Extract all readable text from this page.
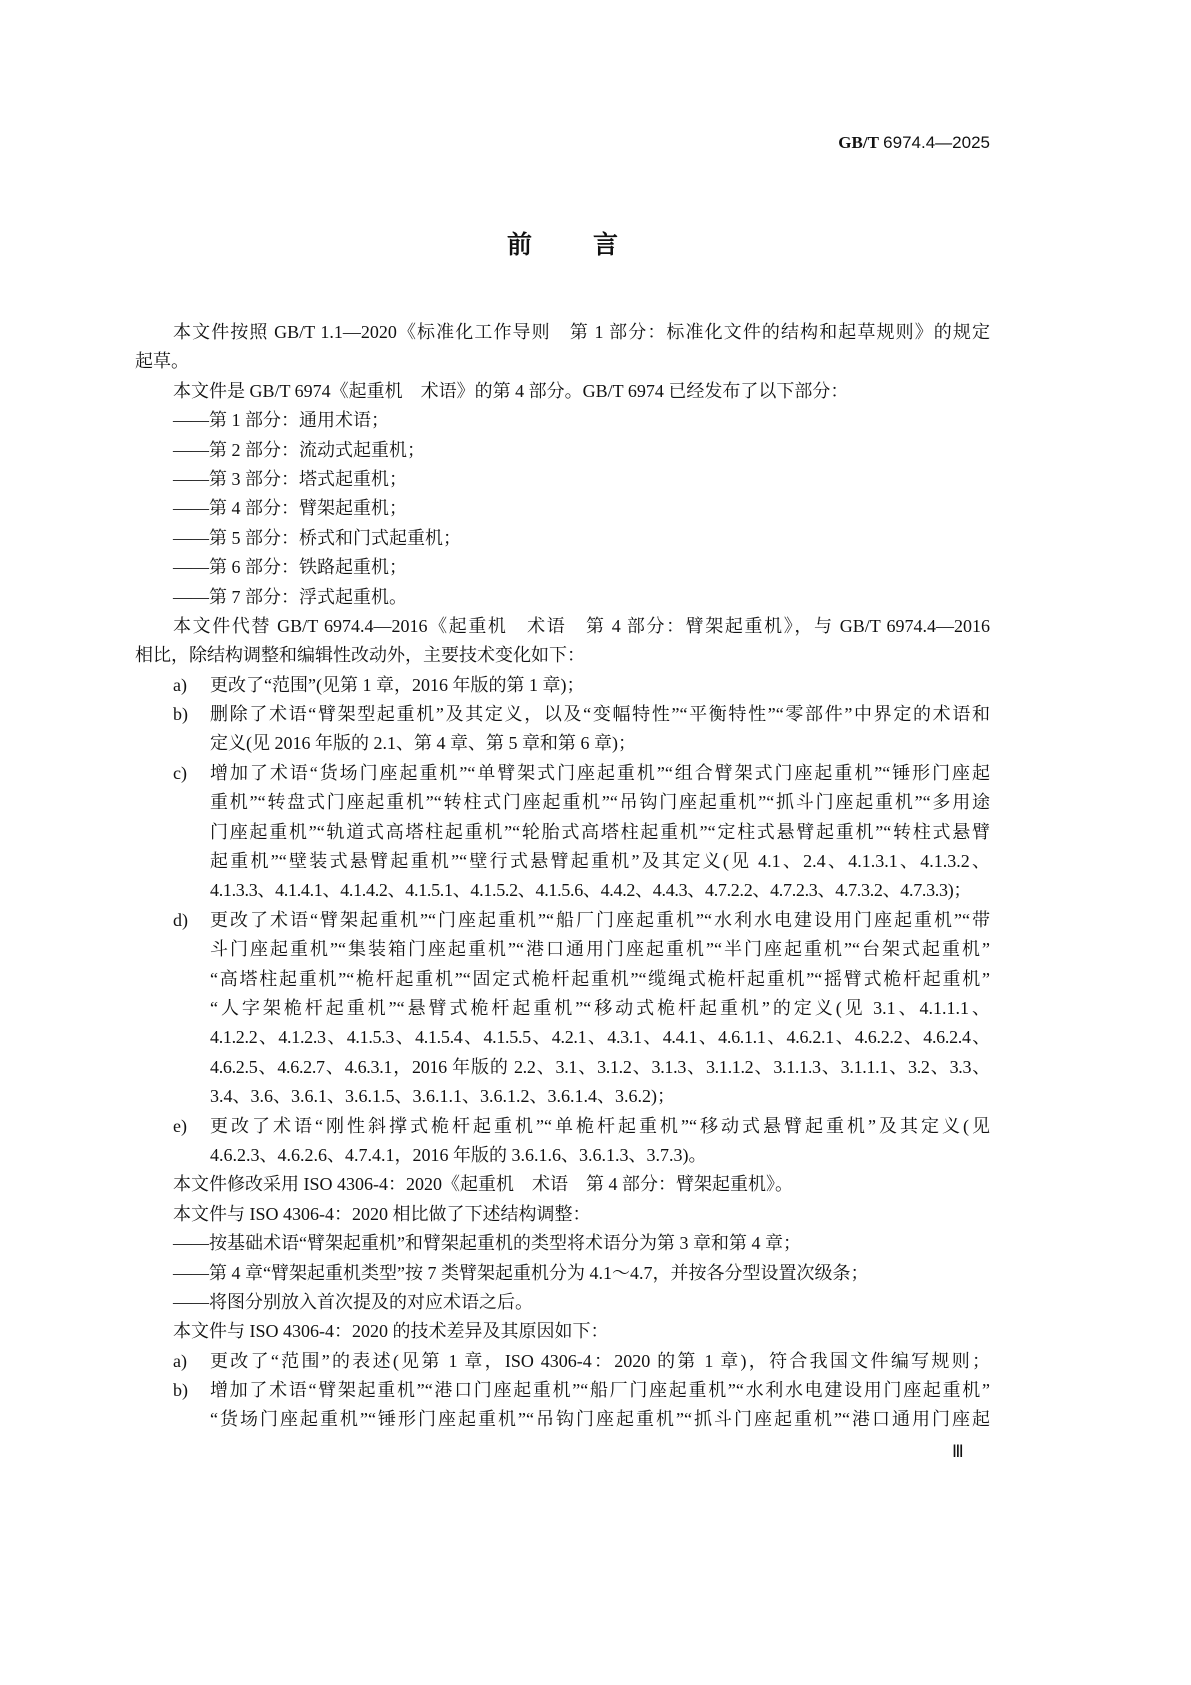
GB/T 6974.4—2025
前　言
本文件按照 GB/T 1.1—2020《标准化工作导则　第 1 部分：标准化文件的结构和起草规则》的规定
起草。
本文件是 GB/T 6974《起重机　术语》的第 4 部分。GB/T 6974 已经发布了以下部分：
——第 1 部分：通用术语；
——第 2 部分：流动式起重机；
——第 3 部分：塔式起重机；
——第 4 部分：臂架起重机；
——第 5 部分：桥式和门式起重机；
——第 6 部分：铁路起重机；
——第 7 部分：浮式起重机。
本文件代替 GB/T 6974.4—2016《起重机　术语　第 4 部分：臂架起重机》，与 GB/T 6974.4—2016
相比，除结构调整和编辑性改动外，主要技术变化如下：
a) 更改了“范围”(见第 1 章，2016 年版的第 1 章)；
b) 删除了术语“臂架型起重机”及其定义，以及“变幅特性”“平衡特性”“零部件”中界定的术语和
定义(见 2016 年版的 2.1、第 4 章、第 5 章和第 6 章)；
c) 增加了术语“货场门座起重机”“单臂架式门座起重机”“组合臂架式门座起重机”“锤形门座起
重机”“转盘式门座起重机”“转柱式门座起重机”“吊钩门座起重机”“抓斗门座起重机”“多用途
门座起重机”“轨道式高塔柱起重机”“轮胎式高塔柱起重机”“定柱式悬臂起重机”“转柱式悬臂
起重机”“壁装式悬臂起重机”“壁行式悬臂起重机”及其定义(见 4.1、2.4、4.1.3.1、4.1.3.2、
4.1.3.3、4.1.4.1、4.1.4.2、4.1.5.1、4.1.5.2、4.1.5.6、4.4.2、4.4.3、4.7.2.2、4.7.2.3、4.7.3.2、4.7.3.3)；
d) 更改了术语“臂架起重机”“门座起重机”“船厂门座起重机”“水利水电建设用门座起重机”“带
斗门座起重机”“集装箱门座起重机”“港口通用门座起重机”“半门座起重机”“台架式起重机”
“高塔柱起重机”“桅杆起重机”“固定式桅杆起重机”“缆绳式桅杆起重机”“摇臂式桅杆起重机”
“人字架桅杆起重机”“悬臂式桅杆起重机”“移动式桅杆起重机”的定义(见 3.1、4.1.1.1、
4.1.2.2、4.1.2.3、4.1.5.3、4.1.5.4、4.1.5.5、4.2.1、4.3.1、4.4.1、4.6.1.1、4.6.2.1、4.6.2.2、4.6.2.4、
4.6.2.5、4.6.2.7、4.6.3.1，2016 年版的 2.2、3.1、3.1.2、3.1.3、3.1.1.2、3.1.1.3、3.1.1.1、3.2、3.3、
3.4、3.6、3.6.1、3.6.1.5、3.6.1.1、3.6.1.2、3.6.1.4、3.6.2)；
e) 更改了术语“刚性斜撑式桅杆起重机”“单桅杆起重机”“移动式悬臂起重机”及其定义(见
4.6.2.3、4.6.2.6、4.7.4.1，2016 年版的 3.6.1.6、3.6.1.3、3.7.3)。
本文件修改采用 ISO 4306-4：2020《起重机　术语　第 4 部分：臂架起重机》。
本文件与 ISO 4306-4：2020 相比做了下述结构调整：
——按基础术语“臂架起重机”和臂架起重机的类型将术语分为第 3 章和第 4 章；
——第 4 章“臂架起重机类型”按 7 类臂架起重机分为 4.1～4.7，并按各分型设置次级条；
——将图分别放入首次提及的对应术语之后。
本文件与 ISO 4306-4：2020 的技术差异及其原因如下：
a) 更改了“范围”的表述(见第 1 章，ISO 4306-4：2020 的第 1 章)，符合我国文件编写规则；
b) 增加了术语“臂架起重机”“港口门座起重机”“船厂门座起重机”“水利水电建设用门座起重机”
“货场门座起重机”“锤形门座起重机”“吊钩门座起重机”“抓斗门座起重机”“港口通用门座起
Ⅲ
